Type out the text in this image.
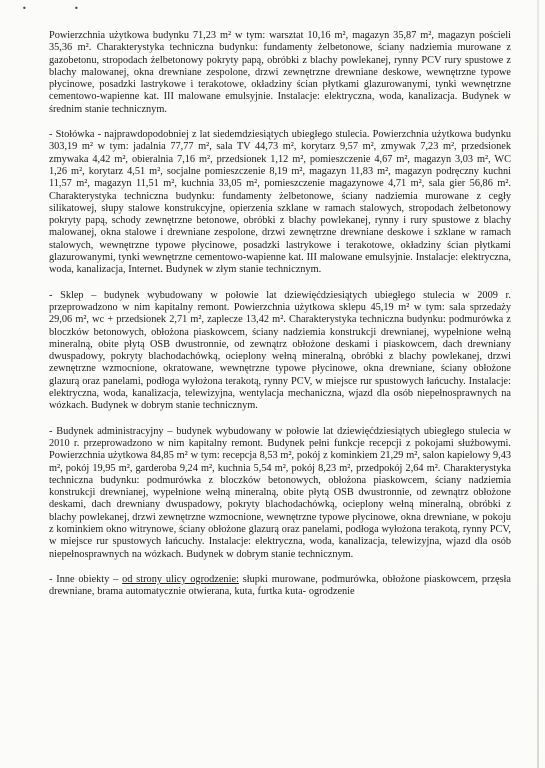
•	•

Powierzchnia użytkowa budynku 71,23 m² w tym: warsztat 10,16 m², magazyn 35,87 m², magazyn pościeli 35,36 m². Charakterystyka techniczna budynku: fundamenty żelbetonowe, ściany nadziemia murowane z gazobetonu, stropodach żelbetonowy pokryty papą, obróbki z blachy powlekanej, rynny PCV rury spustowe z blachy malowanej, okna drewniane zespolone, drzwi zewnętrzne drewniane deskowe, wewnętrzne typowe płycinowe, posadzki lastrykowe i terakotowe, okładziny ścian płytkami glazurowanymi, tynki wewnętrzne cementowo-wapienne kat. III malowane emulsyjnie. Instalacje: elektryczna, woda, kanalizacja. Budynek w średnim stanie technicznym.

- Stołówka - najprawdopodobniej z lat siedemdziesiątych ubiegłego stulecia. Powierzchnia użytkowa budynku 303,19 m² w tym: jadalnia 77,77 m², sala TV 44,73 m², korytarz 9,57 m², zmywak 7,23 m², przedsionek zmywaka 4,42 m², obieralnia 7,16 m², przedsionek 1,12 m², pomieszczenie 4,67 m², magazyn 3,03 m², WC 1,26 m², korytarz 4,51 m², socjalne pomieszczenie 8,19 m², magazyn 11,83 m², magazyn podręczny kuchni 11,57 m², magazyn 11,51 m², kuchnia 33,05 m², pomieszczenie magazynowe 4,71 m², sala gier 56,86 m². Charakterystyka techniczna budynku: fundamenty żelbetonowe, ściany nadziemia murowane z cegły silikatowej, słupy stalowe konstrukcyjne, opierzenia szklane w ramach stalowych, stropodach żelbetonowy pokryty papą, schody zewnętrzne betonowe, obróbki z blachy powlekanej, rynny i rury spustowe z blachy malowanej, okna stalowe i drewniane zespolone, drzwi zewnętrzne drewniane deskowe i szklane w ramach stalowych, wewnętrzne typowe płycinowe, posadzki lastrykowe i terakotowe, okładziny ścian płytkami glazurowanymi, tynki wewnętrzne cementowo-wapienne kat. III malowane emulsyjnie. Instalacje: elektryczna, woda, kanalizacja, Internet. Budynek w złym stanie technicznym.

- Sklep – budynek wybudowany w połowie lat dziewięćdziesiątych ubiegłego stulecia w 2009 r. przeprowadzono w nim kapitalny remont. Powierzchnia użytkowa sklepu 45,19 m² w tym: sala sprzedaży 29,06 m², wc + przedsionek 2,71 m², zaplecze 13,42 m². Charakterystyka techniczna budynku: podmurówka z bloczków betonowych, obłożona piaskowcem, ściany nadziemia konstrukcji drewnianej, wypełnione wełną mineralną, obite płytą OSB dwustronnie, od zewnątrz obłożone deskami i piaskowcem, dach drewniany dwuspadowy, pokryty blachodachówką, ocieplony wełną mineralną, obróbki z blachy powlekanej, drzwi zewnętrzne wzmocnione, okratowane, wewnętrzne typowe płycinowe, okna drewniane, ściany obłożone glazurą oraz panelami, podłoga wyłożona terakotą, rynny PCV, w miejsce rur spustowych łańcuchy. Instalacje: elektryczna, woda, kanalizacja, telewizyjna, wentylacja mechaniczna, wjazd dla osób niepełnosprawnych na wózkach. Budynek w dobrym stanie technicznym.

- Budynek administracyjny – budynek wybudowany w połowie lat dziewięćdziesiątych ubiegłego stulecia w 2010 r. przeprowadzono w nim kapitalny remont. Budynek pełni funkcje recepcji z pokojami służbowymi. Powierzchnia użytkowa 84,85 m² w tym: recepcja 8,53 m², pokój z kominkiem 21,29 m², salon kapielowy 9,43 m², pokój 19,95 m², garderoba 9,24 m², kuchnia 5,54 m², pokój 8,23 m², przedpokój 2,64 m². Charakterystyka techniczna budynku: podmurówka z bloczków betonowych, obłożona piaskowcem, ściany nadziemia konstrukcji drewnianej, wypełnione wełną mineralną, obite płytą OSB dwustronnie, od zewnątrz obłożone deskami, dach drewniany dwuspadowy, pokryty blachodachówką, ocieplony wełną mineralną, obróbki z blachy powlekanej, drzwi zewnętrzne wzmocnione, wewnętrzne typowe płycinowe, okna drewniane, w pokoju z kominkiem okno witrynowe, ściany obłożone glazurą oraz panelami, podłoga wyłożona terakotą, rynny PCV, w miejsce rur spustowych łańcuchy. Instalacje: elektryczna, woda, kanalizacja, telewizyjna, wjazd dla osób niepełnosprawnych na wózkach. Budynek w dobrym stanie technicznym.

- Inne obiekty – od strony ulicy ogrodzenie: słupki murowane, podmurówka, obłożone piaskowcem, przęsła drewniane, brama automatycznie otwierana, kuta, furtka kuta- ogrodzenie
